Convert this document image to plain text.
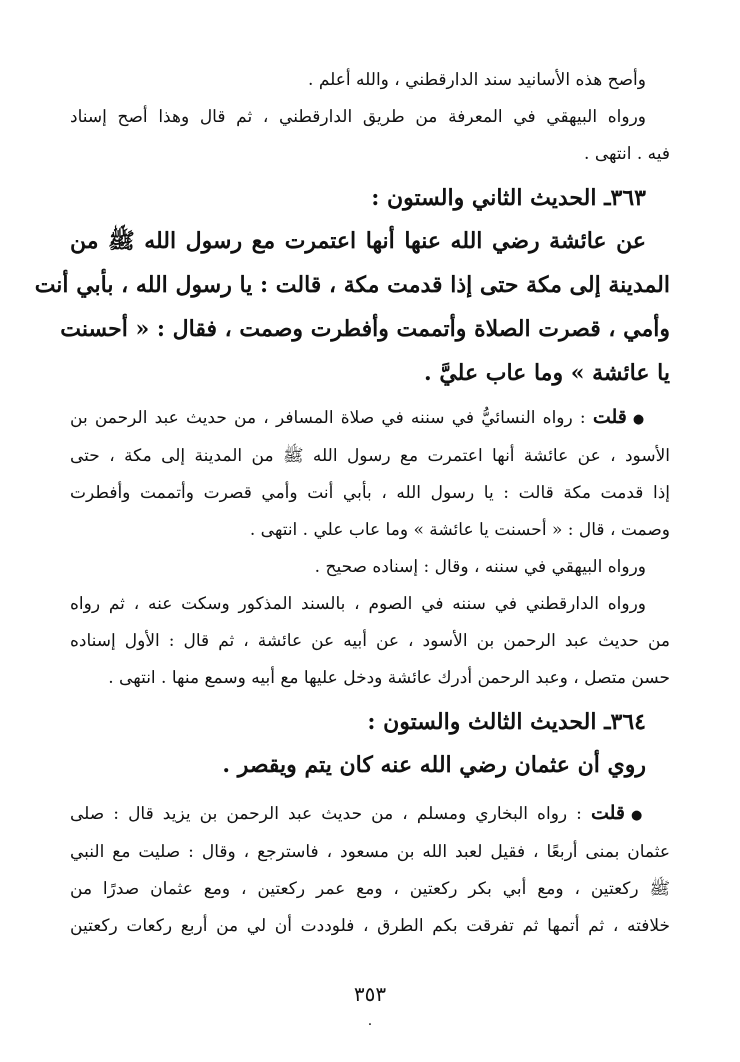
وأصح هذه الأسانيد سند الدارقطني ، والله أعلم .
ورواه البيهقي في المعرفة من طريق الدارقطني ، ثم قال وهذا أصح إسناد
فيه . انتهى .
٣٦٣ـ الحديث الثاني والستون :
عن عائشة رضي الله عنها أنها اعتمرت مع رسول الله ﷺ من
المدينة إلى مكة حتى إذا قدمت مكة ، قالت : يا رسول الله ، بأبي أنت
وأمي ، قصرت الصلاة وأتممت وأفطرت وصمت ، فقال : « أحسنت
يا عائشة » وما عاب عليَّ .
●قلت : رواه النسائيُّ في سننه في صلاة المسافر ، من حديث عبد الرحمن بن
الأسود ، عن عائشة أنها اعتمرت مع رسول الله ﷺ من المدينة إلى مكة ، حتى
إذا قدمت مكة قالت : يا رسول الله ، بأبي أنت وأمي قصرت وأتممت وأفطرت
وصمت ، قال : « أحسنت يا عائشة » وما عاب علي . انتهى .
ورواه البيهقي في سننه ، وقال : إسناده صحيح .
ورواه الدارقطني في سننه في الصوم ، بالسند المذكور وسكت عنه ، ثم رواه
من حديث عبد الرحمن بن الأسود ، عن أبيه عن عائشة ، ثم قال : الأول إسناده
حسن متصل ، وعبد الرحمن أدرك عائشة ودخل عليها مع أبيه وسمع منها . انتهى .
٣٦٤ـ الحديث الثالث والستون :
روي أن عثمان رضي الله عنه كان يتم ويقصر .
●قلت : رواه البخاري ومسلم ، من حديث عبد الرحمن بن يزيد قال : صلى
عثمان بمنى أربعًا ، فقيل لعبد الله بن مسعود ، فاسترجع ، وقال : صليت مع النبي
ﷺ ركعتين ، ومع أبي بكر ركعتين ، ومع عمر ركعتين ، ومع عثمان صدرًا من
خلافته ، ثم أتمها ثم تفرقت بكم الطرق ، فلوددت أن لي من أربع ركعات ركعتين
٣٥٣
.
